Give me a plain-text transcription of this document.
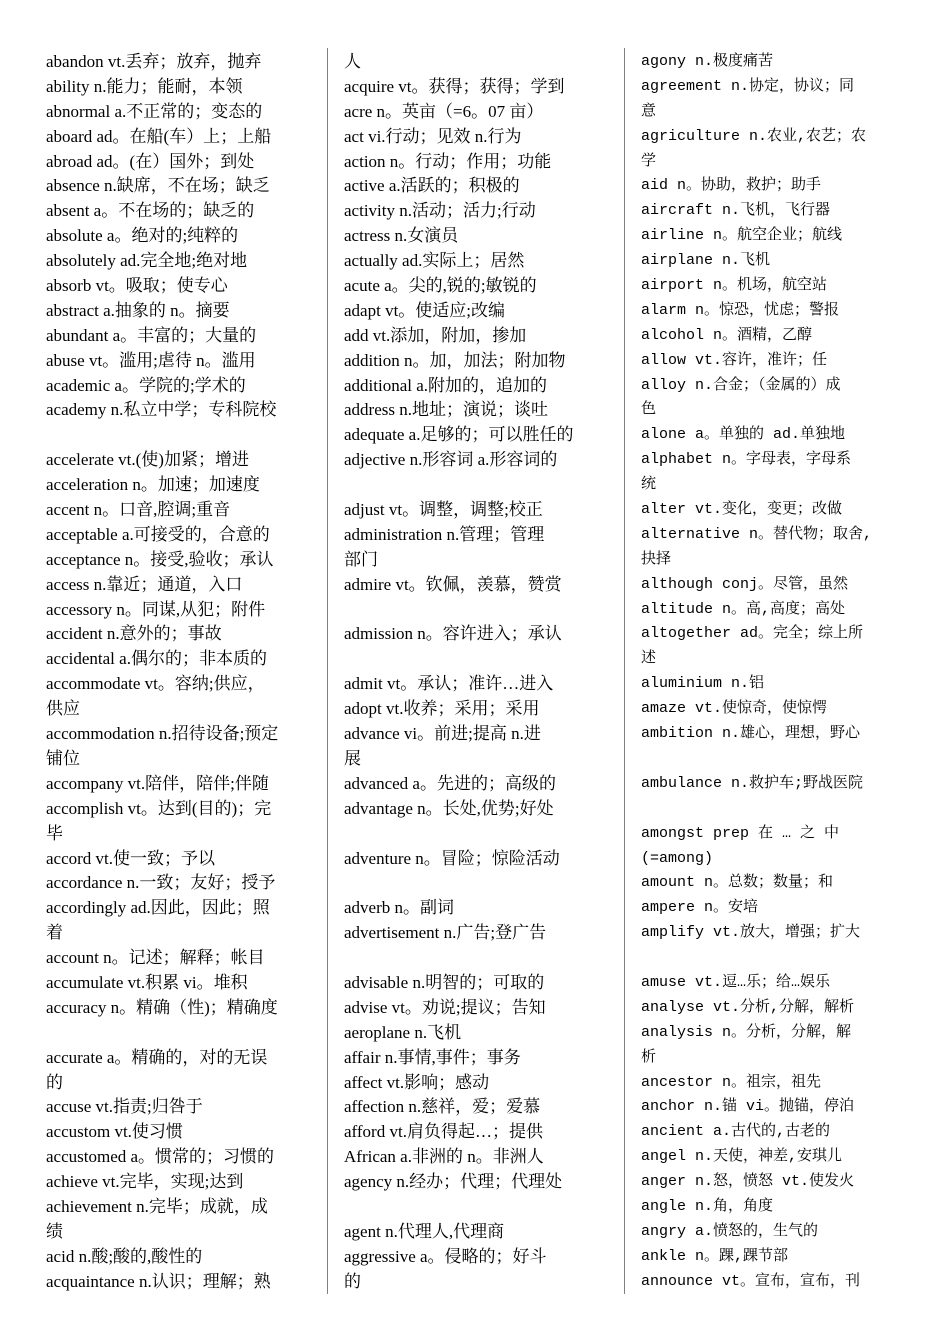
abandon vt.丢弃；放弃，抛弃
ability n.能力；能耐，本领
abnormal a.不正常的；变态的
aboard ad。在船(车）上；上船
abroad ad。(在）国外；到处
absence n.缺席，不在场；缺乏
absent a。不在场的；缺乏的
absolute a。绝对的;纯粹的
absolutely ad.完全地;绝对地
absorb vt。吸取；使专心
abstract a.抽象的 n。摘要
abundant a。丰富的；大量的
abuse vt。滥用;虐待 n。滥用
academic a。学院的;学术的
academy n.私立中学；专科院校

accelerate vt.(使)加紧；增进
acceleration n。加速；加速度
accent n。口音,腔调;重音
acceptable a.可接受的，合意的
acceptance n。接受,验收；承认
access n.靠近；通道，入口
accessory n。同谋,从犯；附件
accident n.意外的；事故
accidental a.偶尔的；非本质的
accommodate vt。容纳;供应，
供应
accommodation n.招待设备;预定
铺位
accompany vt.陪伴，陪伴;伴随
accomplish vt。达到(目的)；完
毕
accord vt.使一致；予以
accordance n.一致；友好；授予
accordingly ad.因此，因此；照
着
account n。记述；解释；帐目
accumulate vt.积累 vi。堆积
accuracy n。精确（性)；精确度

accurate a。精确的，对的无误
的
accuse vt.指责;归咎于
accustom vt.使习惯
accustomed a。惯常的；习惯的
achieve vt.完毕，实现;达到
achievement n.完毕；成就，成
绩
acid n.酸;酸的,酸性的
acquaintance n.认识；理解；熟
人
acquire vt。获得；获得；学到
acre n。英亩（=6。07 亩）
act vi.行动；见效 n.行为
action n。行动；作用；功能
active a.活跃的；积极的
activity n.活动；活力;行动
actress n.女演员
actually ad.实际上；居然
acute a。尖的,锐的;敏锐的
adapt vt。使适应;改编
add vt.添加，附加，掺加
addition n。加，加法；附加物
additional a.附加的，追加的
address n.地址；演说；谈吐
adequate a.足够的；可以胜任的
adjective n.形容词 a.形容词的

adjust vt。调整，调整;校正
administration n.管理；管理
部门
admire vt。钦佩，羡慕，赞赏

admission n。容许进入；承认

admit vt。承认；准许…进入
adopt vt.收养；采用；采用
advance vi。前进;提高 n.进
展
advanced a。先进的；高级的
advantage n。长处,优势;好处

adventure n。冒险；惊险活动

adverb n。副词
advertisement n.广告;登广告

advisable n.明智的；可取的
advise vt。劝说;提议；告知
aeroplane n.飞机
affair n.事情,事件；事务
affect vt.影响；感动
affection n.慈祥，爱；爱慕
afford vt.肩负得起…；提供
African a.非洲的 n。非洲人
agency n.经办；代理；代理处

agent n.代理人,代理商
aggressive a。侵略的；好斗
的
agony n.极度痛苦
agreement n.协定，协议；同
意
agriculture n.农业,农艺；农
学
aid n。协助，救护；助手
aircraft n.飞机，飞行器
airline n。航空企业；航线
airplane n.飞机
airport n。机场，航空站
alarm n。惊恐，忧虑；警报
alcohol n。酒精，乙醇
allow vt.容许，准许；任
alloy n.合金；（金属的）成
色
alone a。单独的 ad.单独地
alphabet n。字母表，字母系
统
alter vt.变化，变更；改做
alternative n。替代物；取舍,
抉择
although conj。尽管，虽然
altitude n。高,高度；高处
altogether ad。完全；综上所
述
aluminium n.铝
amaze vt.使惊奇，使惊愕
ambition n.雄心，理想，野心

ambulance n.救护车;野战医院

amongst prep 在 … 之 中
(=among)
amount n。总数；数量；和
ampere n。安培
amplify vt.放大，增强；扩大

amuse vt.逗…乐；给…娱乐
analyse vt.分析,分解，解析
analysis n。分析，分解，解
析
ancestor n。祖宗，祖先
anchor n.锚 vi。抛锚，停泊
ancient a.古代的,古老的
angel n.天使，神差,安琪儿
anger n.怒，愤怒 vt.使发火
angle n.角，角度
angry a.愤怒的，生气的
ankle n。踝,踝节部
announce vt。宣布，宣布，刊
